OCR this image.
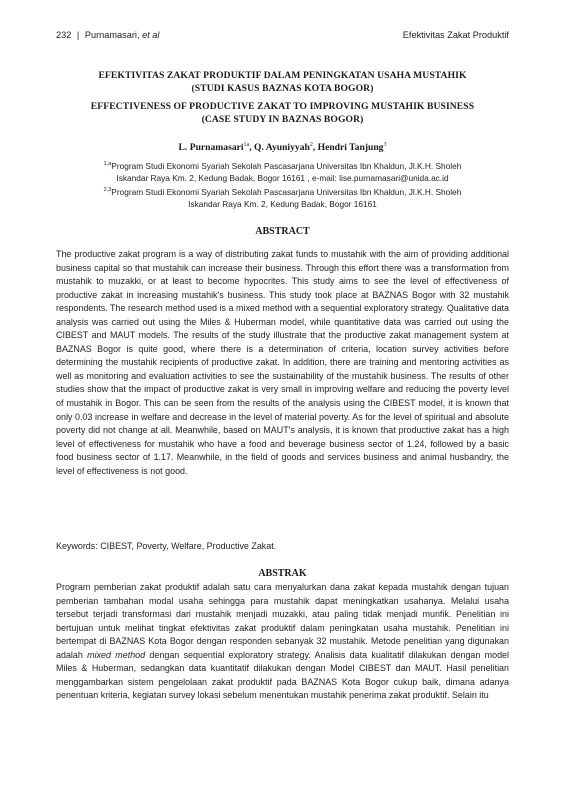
232 | Purnamasari, et al	Efektivitas Zakat Produktif
EFEKTIVITAS ZAKAT PRODUKTIF DALAM PENINGKATAN USAHA MUSTAHIK
(STUDI KASUS BAZNAS KOTA BOGOR)
EFFECTIVENESS OF PRODUCTIVE ZAKAT TO IMPROVING MUSTAHIK BUSINESS
(CASE STUDY IN BAZNAS BOGOR)
L. Purnamasari$^{1a}$, Q. Ayuniyyah$^2$, Hendri Tanjung$^3$
$^{1,a}$Program Studi Ekonomi Syariah Sekolah Pascasarjana Universitas Ibn Khaldun, Jl.K.H. Sholeh
Iskandar Raya Km. 2, Kedung Badak, Bogor 16161 , e-mail: lise.purnamasari@unida.ac.id
$^{2,3}$Program Studi Ekonomi Syariah Sekolah Pascasarjana Universitas Ibn Khaldun, Jl.K.H. Sholeh
Iskandar Raya Km. 2, Kedung Badak, Bogor 16161
ABSTRACT
The productive zakat program is a way of distributing zakat funds to mustahik with the aim of providing additional business capital so that mustahik can increase their business. Through this effort there was a transformation from mustahik to muzakki, or at least to become hypocrites. This study aims to see the level of effectiveness of productive zakat in increasing mustahik's business. This study took place at BAZNAS Bogor with 32 mustahik respondents. The research method used is a mixed method with a sequential exploratory strategy. Qualitative data analysis was carried out using the Miles & Huberman model, while quantitative data was carried out using the CIBEST and MAUT models. The results of the study illustrate that the productive zakat management system at BAZNAS Bogor is quite good, where there is a determination of criteria, location survey activities before determining the mustahik recipients of productive zakat. In addition, there are training and mentoring activities as well as monitoring and evaluation activities to see the sustainability of the mustahik business. The results of other studies show that the impact of productive zakat is very small in improving welfare and reducing the poverty level of mustahik in Bogor. This can be seen from the results of the analysis using the CIBEST model, it is known that only 0.03 increase in welfare and decrease in the level of material poverty. As for the level of spiritual and absolute poverty did not change at all. Meanwhile, based on MAUT's analysis, it is known that productive zakat has a high level of effectiveness for mustahik who have a food and beverage business sector of 1.24, followed by a basic food business sector of 1.17. Meanwhile, in the field of goods and services business and animal husbandry, the level of effectiveness is not good.
Keywords: CIBEST, Poverty, Welfare, Productive Zakat.
ABSTRAK
Program pemberian zakat produktif adalah satu cara menyalurkan dana zakat kepada mustahik dengan tujuan pemberian tambahan modal usaha sehingga para mustahik dapat meningkatkan usahanya. Melalui usaha tersebut terjadi transformasi dari mustahik menjadi muzakki, atau paling tidak menjadi munfik. Penelitian ini bertujuan untuk melihat tingkat efektivitas zakat produktif dalam peningkatan usaha mustahik. Penelitian ini bertempat di BAZNAS Kota Bogor dengan responden sebanyak 32 mustahik. Metode penelitian yang digunakan adalah mixed method dengan sequential exploratory strategy. Analisis data kualitatif dilakukan dengan model Miles & Huberman, sedangkan data kuantitatif dilakukan dengan Model CIBEST dan MAUT. Hasil penelitian menggambarkan sistem pengelolaan zakat produktif pada BAZNAS Kota Bogor cukup baik, dimana adanya penentuan kriteria, kegiatan survey lokasi sebelum menentukan mustahik penerima zakat produktif. Selain itu
